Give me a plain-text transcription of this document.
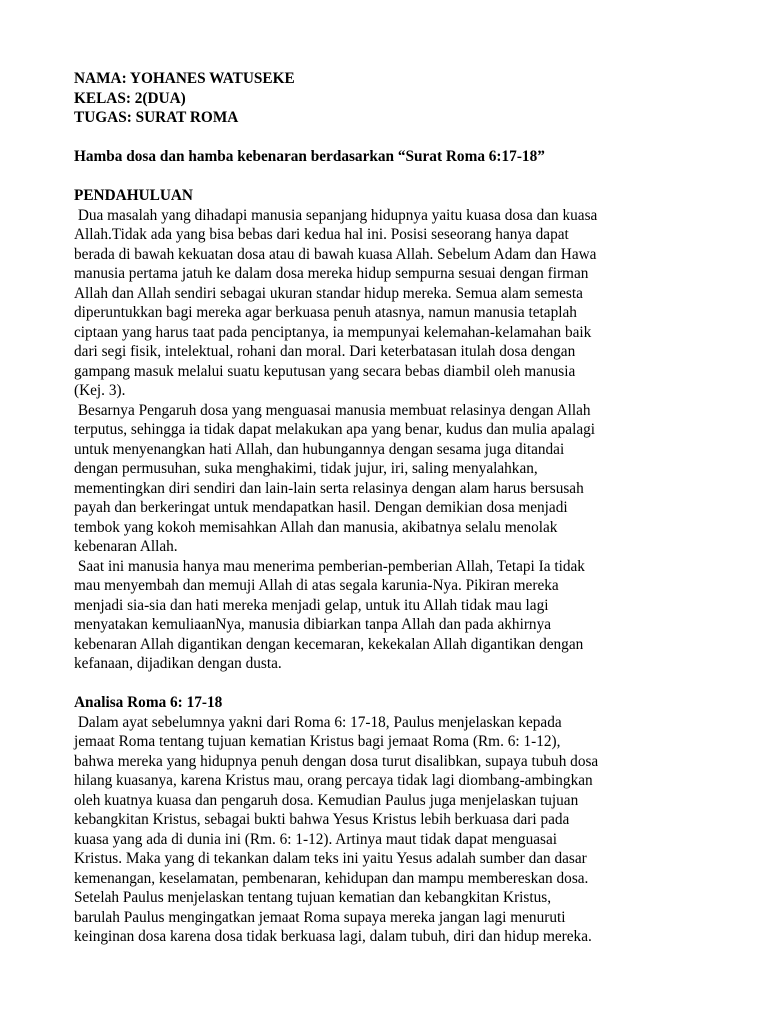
NAMA: YOHANES WATUSEKE
KELAS: 2(DUA)
TUGAS: SURAT ROMA
Hamba dosa dan hamba kebenaran berdasarkan “Surat Roma 6:17-18”
PENDAHULUAN
Dua masalah yang dihadapi manusia sepanjang hidupnya yaitu kuasa dosa dan kuasa
Allah.Tidak ada yang bisa bebas dari kedua hal ini. Posisi seseorang hanya dapat
berada di bawah kekuatan dosa atau di bawah kuasa Allah. Sebelum Adam dan Hawa
manusia pertama jatuh ke dalam dosa mereka hidup sempurna sesuai dengan firman
Allah dan Allah sendiri sebagai ukuran standar hidup mereka. Semua alam semesta
diperuntukkan bagi mereka agar berkuasa penuh atasnya, namun manusia tetaplah
ciptaan yang harus taat pada penciptanya, ia mempunyai kelemahan-kelamahan baik
dari segi fisik, intelektual, rohani dan moral. Dari keterbatasan itulah dosa dengan
gampang masuk melalui suatu keputusan yang secara bebas diambil oleh manusia
(Kej. 3).
Besarnya Pengaruh dosa yang menguasai manusia membuat relasinya dengan Allah
terputus, sehingga ia tidak dapat melakukan apa yang benar, kudus dan mulia apalagi
untuk menyenangkan hati Allah, dan hubungannya dengan sesama juga ditandai
dengan permusuhan, suka menghakimi, tidak jujur, iri, saling menyalahkan,
mementingkan diri sendiri dan lain-lain serta relasinya dengan alam harus bersusah
payah dan berkeringat untuk mendapatkan hasil. Dengan demikian dosa menjadi
tembok yang kokoh memisahkan Allah dan manusia, akibatnya selalu menolak
kebenaran Allah.
Saat ini manusia hanya mau menerima pemberian-pemberian Allah, Tetapi Ia tidak
mau menyembah dan memuji Allah di atas segala karunia-Nya. Pikiran mereka
menjadi sia-sia dan hati mereka menjadi gelap, untuk itu Allah tidak mau lagi
menyatakan kemuliaanNya, manusia dibiarkan tanpa Allah dan pada akhirnya
kebenaran Allah digantikan dengan kecemaran, kekekalan Allah digantikan dengan
kefanaan, dijadikan dengan dusta.
Analisa Roma 6: 17-18
Dalam ayat sebelumnya yakni dari Roma 6: 17-18, Paulus menjelaskan kepada
jemaat Roma tentang tujuan kematian Kristus bagi jemaat Roma (Rm. 6: 1-12),
bahwa mereka yang hidupnya penuh dengan dosa turut disalibkan, supaya tubuh dosa
hilang kuasanya, karena Kristus mau, orang percaya tidak lagi diombang-ambingkan
oleh kuatnya kuasa dan pengaruh dosa. Kemudian Paulus juga menjelaskan tujuan
kebangkitan Kristus, sebagai bukti bahwa Yesus Kristus lebih berkuasa dari pada
kuasa yang ada di dunia ini (Rm. 6: 1-12). Artinya maut tidak dapat menguasai
Kristus. Maka yang di tekankan dalam teks ini yaitu Yesus adalah sumber dan dasar
kemenangan, keselamatan, pembenaran, kehidupan dan mampu membereskan dosa.
Setelah Paulus menjelaskan tentang tujuan kematian dan kebangkitan Kristus,
barulah Paulus mengingatkan jemaat Roma supaya mereka jangan lagi menuruti
keinginan dosa karena dosa tidak berkuasa lagi, dalam tubuh, diri dan hidup mereka.
